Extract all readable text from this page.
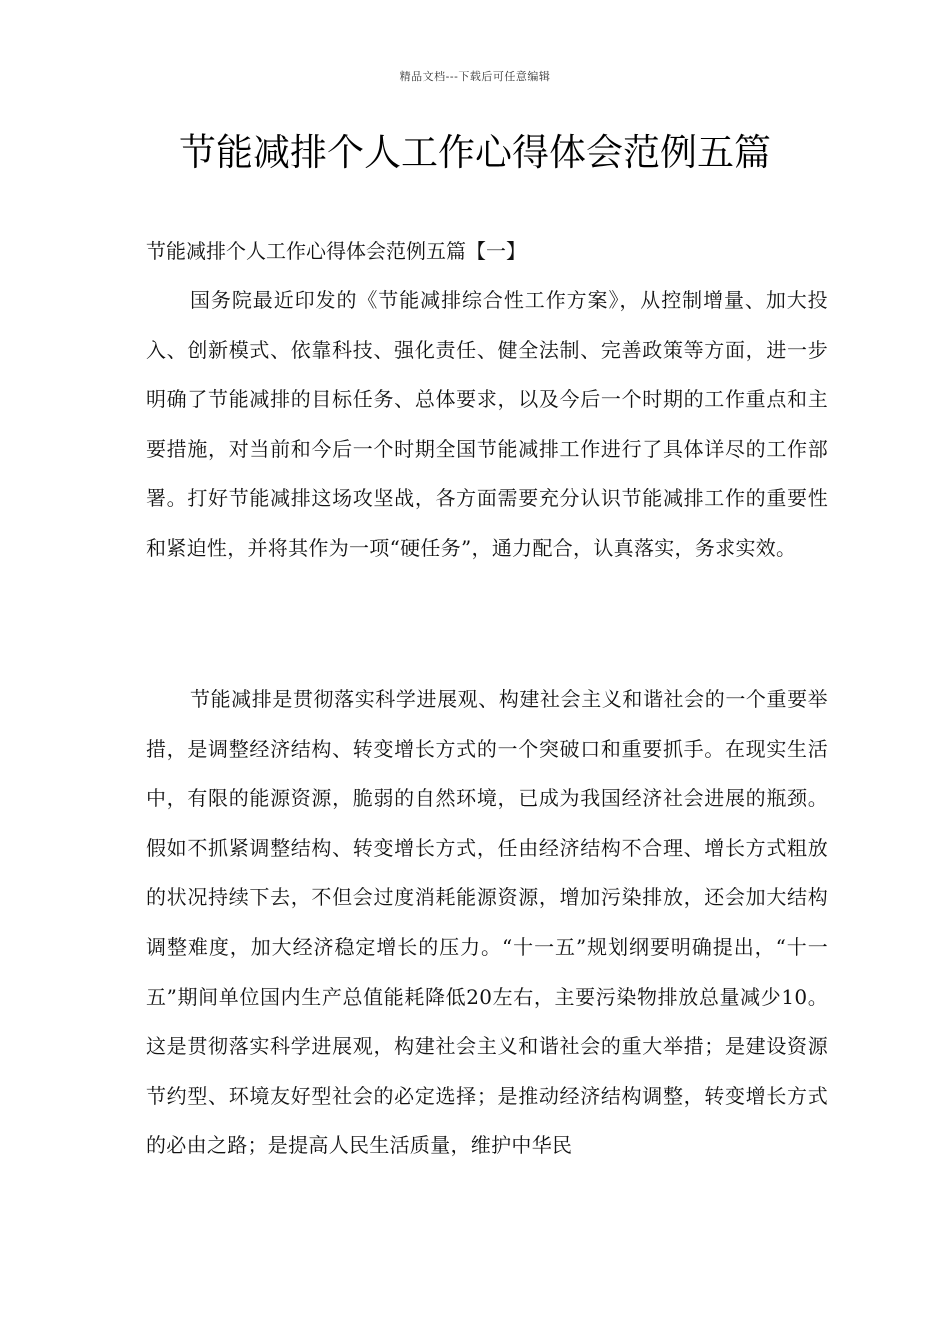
精品文档---下载后可任意编辑
节能减排个人工作心得体会范例五篇

节能减排个人工作心得体会范例五篇【一】

国务院最近印发的《节能减排综合性工作方案》，从控制增量、加大投入、创新模式、依靠科技、强化责任、健全法制、完善政策等方面，进一步明确了节能减排的目标任务、总体要求，以及今后一个时期的工作重点和主要措施，对当前和今后一个时期全国节能减排工作进行了具体详尽的工作部署。打好节能减排这场攻坚战，各方面需要充分认识节能减排工作的重要性和紧迫性，并将其作为一项“硬任务”，通力配合，认真落实，务求实效。

节能减排是贯彻落实科学进展观、构建社会主义和谐社会的一个重要举措，是调整经济结构、转变增长方式的一个突破口和重要抓手。在现实生活中，有限的能源资源，脆弱的自然环境，已成为我国经济社会进展的瓶颈。假如不抓紧调整结构、转变增长方式，任由经济结构不合理、增长方式粗放的状况持续下去，不但会过度消耗能源资源，增加污染排放，还会加大结构调整难度，加大经济稳定增长的压力。“十一五”规划纲要明确提出，“十一五”期间单位国内生产总值能耗降低20左右，主要污染物排放总量减少10。这是贯彻落实科学进展观，构建社会主义和谐社会的重大举措；是建设资源节约型、环境友好型社会的必定选择；是推动经济结构调整，转变增长方式的必由之路；是提高人民生活质量，维护中华民
